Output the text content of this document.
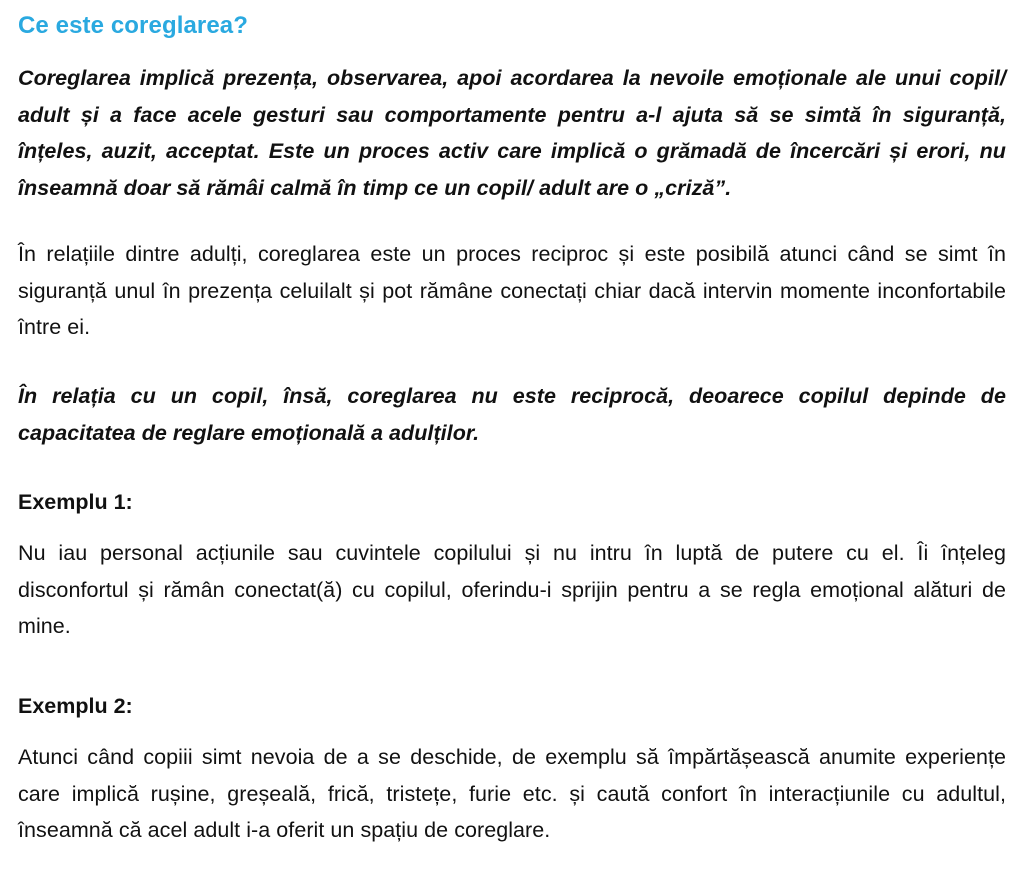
Ce este coreglarea?

Coreglarea implică prezența, observarea, apoi acordarea la nevoile emoționale ale unui copil/ adult și a face acele gesturi sau comportamente pentru a-l ajuta să se simtă în siguranță, înțeles, auzit, acceptat. Este un proces activ care implică o grămadă de încercări și erori, nu înseamnă doar să rămâi calmă în timp ce un copil/ adult are o „criză”.

În relațiile dintre adulți, coreglarea este un proces reciproc și este posibilă atunci când se simt în siguranță unul în prezența celuilalt și pot rămâne conectați chiar dacă intervin momente inconfortabile între ei.

În relația cu un copil, însă, coreglarea nu este reciprocă, deoarece copilul depinde de capacitatea de reglare emoțională a adulților.

Exemplu 1:

Nu iau personal acțiunile sau cuvintele copilului și nu intru în luptă de putere cu el. Îi înțeleg disconfortul și rămân conectat(ă) cu copilul, oferindu-i sprijin pentru a se regla emoțional alături de mine.

Exemplu 2:

Atunci când copiii simt nevoia de a se deschide, de exemplu să împărtășească anumite experiențe care implică rușine, greșeală, frică, tristețe, furie etc. și caută confort în interacțiunile cu adultul, înseamnă că acel adult i-a oferit un spațiu de coreglare.
